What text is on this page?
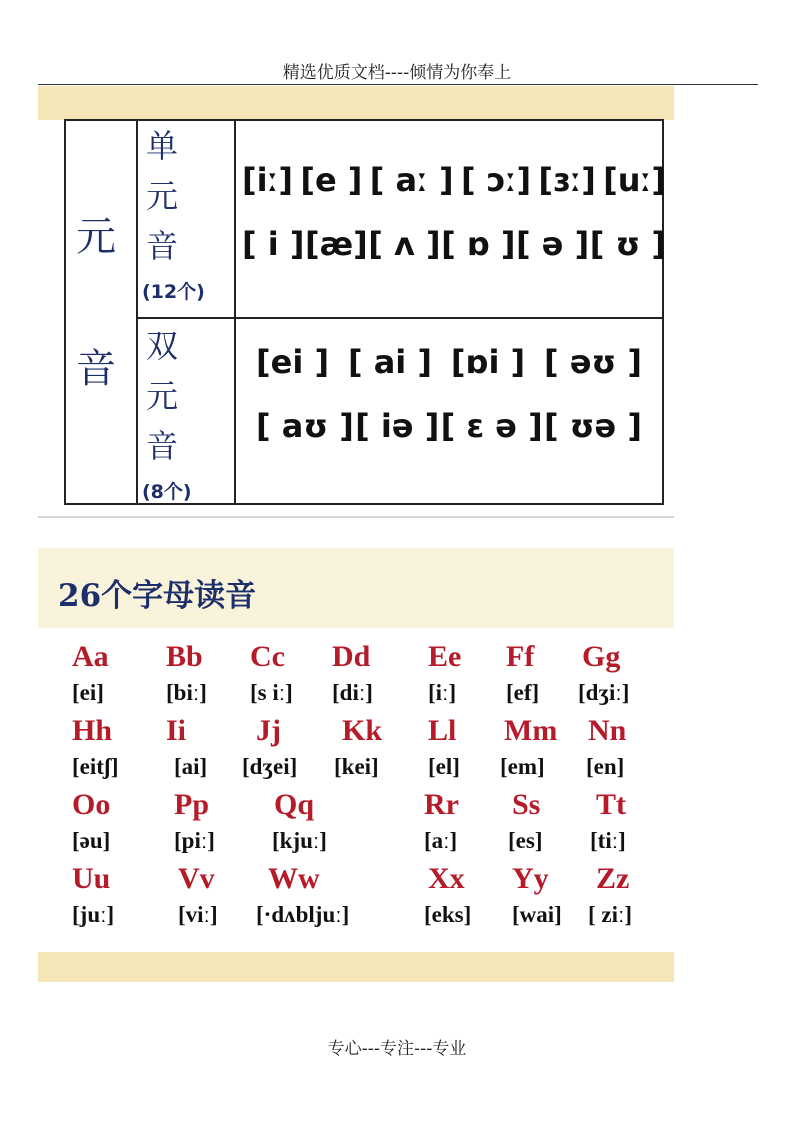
精选优质文档----倾情为你奉上
元
音
单
元
音
(12个)
[iː] [e ] [ aː ] [ ɔː] [ɜː] [uː]
[ i ] [æ] [ ʌ ] [ ɒ ] [ ə ] [ ʊ ]
双
元
音
(8个)
[ei ] [ ai ] [ɒi ] [ əʊ ]
[ aʊ ] [ iə ] [ ɛ ə ] [ ʊə ]
26个字母读音
Aa
[ei]
Bb
[biː]
Cc
[s iː]
Dd
[diː]
Ee
[iː]
Ff
[ef]
Gg
[dʒiː]
Hh
[eitʃ]
Ii
[ai]
Jj
[dʒei]
Kk
[kei]
Ll
[el]
Mm
[em]
Nn
[en]
Oo
[əu]
Pp
[piː]
Qq
[kjuː]
Rr
[aː]
Ss
[es]
Tt
[tiː]
Uu
[juː]
Vv
[viː]
Ww
[·dʌbljuː]
Xx
[eks]
Yy
[wai]
Zz
[ ziː]
专心---专注---专业
